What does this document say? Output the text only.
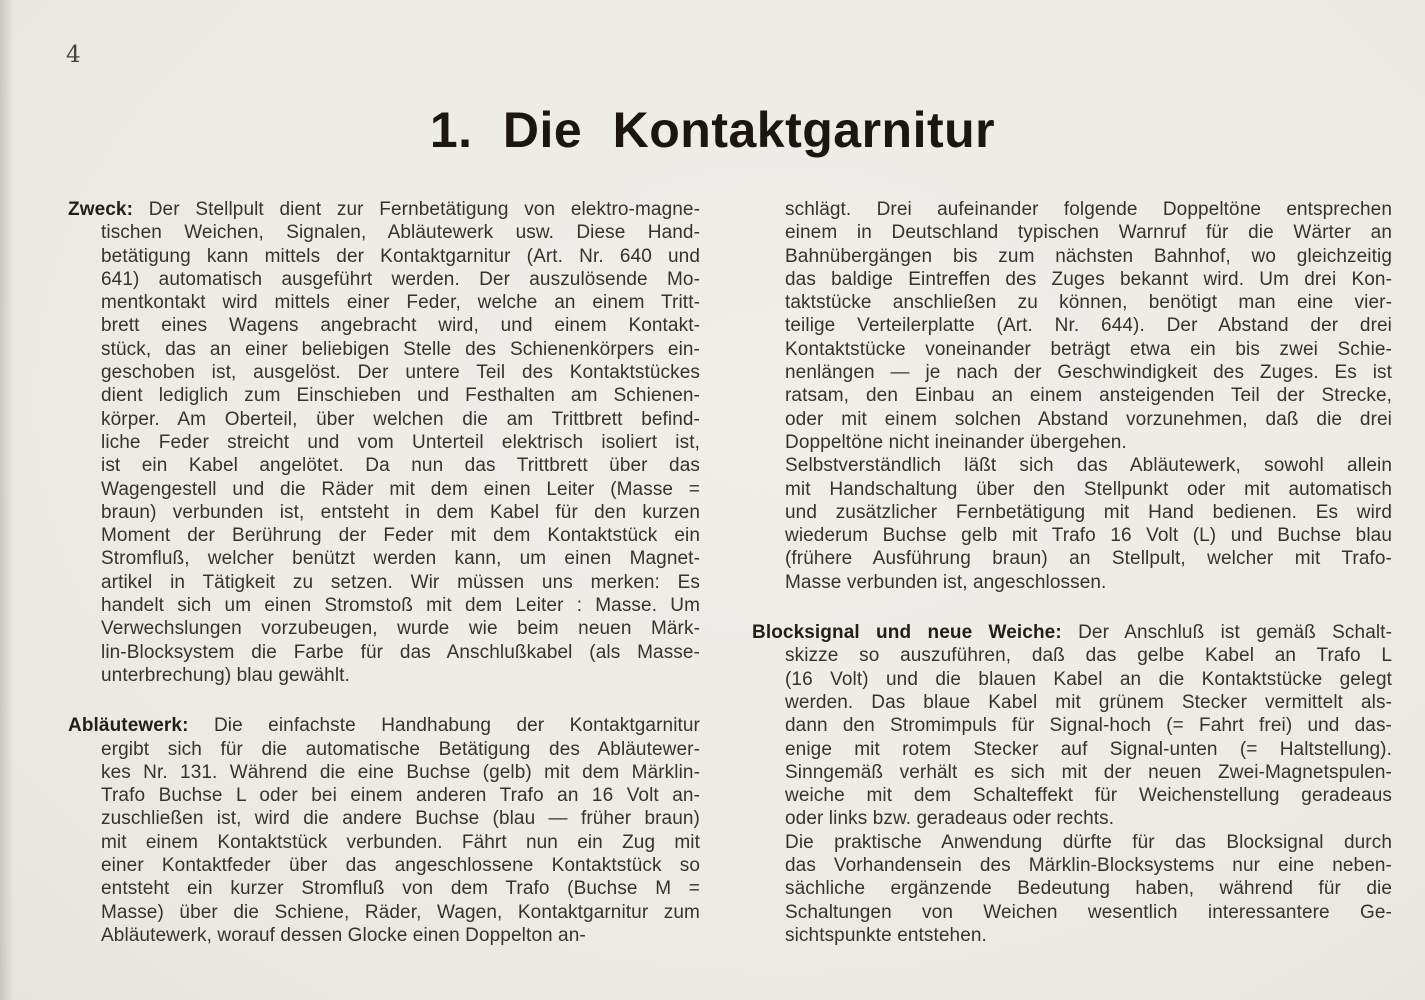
4
1. Die Kontaktgarnitur
Zweck: Der Stellpult dient zur Fernbetätigung von elektro-magne-
tischen Weichen, Signalen, Abläutewerk usw. Diese Hand-
betätigung kann mittels der Kontaktgarnitur (Art. Nr. 640 und
641) automatisch ausgeführt werden. Der auszulösende Mo-
mentkontakt wird mittels einer Feder, welche an einem Tritt-
brett eines Wagens angebracht wird, und einem Kontakt-
stück, das an einer beliebigen Stelle des Schienenkörpers ein-
geschoben ist, ausgelöst. Der untere Teil des Kontaktstückes
dient lediglich zum Einschieben und Festhalten am Schienen-
körper. Am Oberteil, über welchen die am Trittbrett befind-
liche Feder streicht und vom Unterteil elektrisch isoliert ist,
ist ein Kabel angelötet. Da nun das Trittbrett über das
Wagengestell und die Räder mit dem einen Leiter (Masse =
braun) verbunden ist, entsteht in dem Kabel für den kurzen
Moment der Berührung der Feder mit dem Kontaktstück ein
Stromfluß, welcher benützt werden kann, um einen Magnet-
artikel in Tätigkeit zu setzen. Wir müssen uns merken: Es
handelt sich um einen Stromstoß mit dem Leiter : Masse. Um
Verwechslungen vorzubeugen, wurde wie beim neuen Märk-
lin-Blocksystem die Farbe für das Anschlußkabel (als Masse-
unterbrechung) blau gewählt.
Abläutewerk: Die einfachste Handhabung der Kontaktgarnitur
ergibt sich für die automatische Betätigung des Abläutewer-
kes Nr. 131. Während die eine Buchse (gelb) mit dem Märklin-
Trafo Buchse L oder bei einem anderen Trafo an 16 Volt an-
zuschließen ist, wird die andere Buchse (blau — früher braun)
mit einem Kontaktstück verbunden. Fährt nun ein Zug mit
einer Kontaktfeder über das angeschlossene Kontaktstück so
entsteht ein kurzer Stromfluß von dem Trafo (Buchse M =
Masse) über die Schiene, Räder, Wagen, Kontaktgarnitur zum
Abläutewerk, worauf dessen Glocke einen Doppelton an-
schlägt. Drei aufeinander folgende Doppeltöne entsprechen
einem in Deutschland typischen Warnruf für die Wärter an
Bahnübergängen bis zum nächsten Bahnhof, wo gleichzeitig
das baldige Eintreffen des Zuges bekannt wird. Um drei Kon-
taktstücke anschließen zu können, benötigt man eine vier-
teilige Verteilerplatte (Art. Nr. 644). Der Abstand der drei
Kontaktstücke voneinander beträgt etwa ein bis zwei Schie-
nenlängen — je nach der Geschwindigkeit des Zuges. Es ist
ratsam, den Einbau an einem ansteigenden Teil der Strecke,
oder mit einem solchen Abstand vorzunehmen, daß die drei
Doppeltöne nicht ineinander übergehen.
Selbstverständlich läßt sich das Abläutewerk, sowohl allein
mit Handschaltung über den Stellpunkt oder mit automatisch
und zusätzlicher Fernbetätigung mit Hand bedienen. Es wird
wiederum Buchse gelb mit Trafo 16 Volt (L) und Buchse blau
(frühere Ausführung braun) an Stellpult, welcher mit Trafo-
Masse verbunden ist, angeschlossen.
Blocksignal und neue Weiche: Der Anschluß ist gemäß Schalt-
skizze so auszuführen, daß das gelbe Kabel an Trafo L
(16 Volt) und die blauen Kabel an die Kontaktstücke gelegt
werden. Das blaue Kabel mit grünem Stecker vermittelt als-
dann den Stromimpuls für Signal-hoch (= Fahrt frei) und das-
enige mit rotem Stecker auf Signal-unten (= Haltstellung).
Sinngemäß verhält es sich mit der neuen Zwei-Magnetspulen-
weiche mit dem Schalteffekt für Weichenstellung geradeaus
oder links bzw. geradeaus oder rechts.
Die praktische Anwendung dürfte für das Blocksignal durch
das Vorhandensein des Märklin-Blocksystems nur eine neben-
sächliche ergänzende Bedeutung haben, während für die
Schaltungen von Weichen wesentlich interessantere Ge-
sichtspunkte entstehen.
